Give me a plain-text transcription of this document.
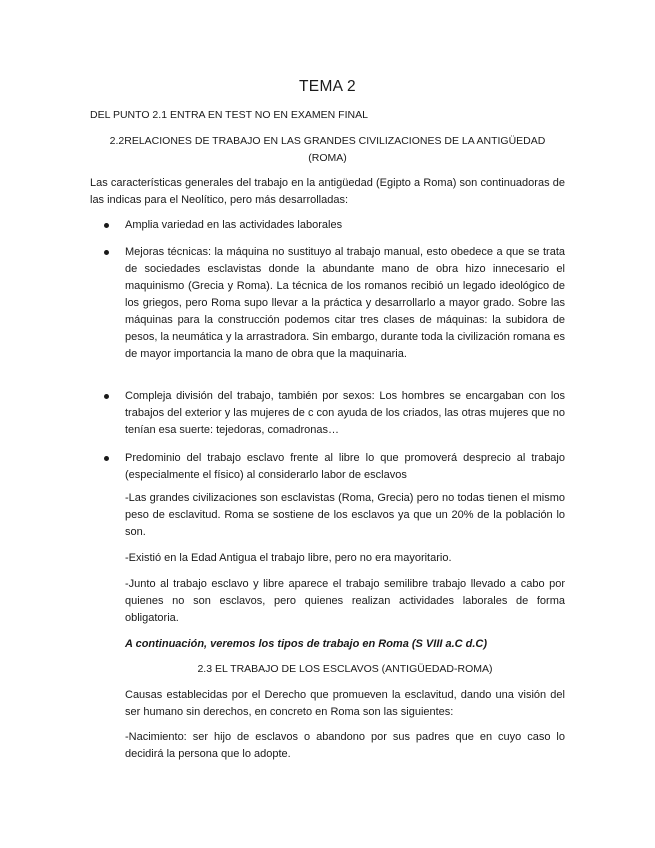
TEMA 2
DEL PUNTO 2.1 ENTRA EN TEST NO EN EXAMEN FINAL
2.2RELACIONES DE TRABAJO EN LAS GRANDES CIVILIZACIONES DE LA ANTIGÜEDAD
(ROMA)
Las características generales del trabajo en la antigüedad (Egipto a Roma) son continuadoras de las indicas para el Neolítico, pero más desarrolladas:
Amplia variedad en las actividades laborales
Mejoras técnicas: la máquina no sustituyo al trabajo manual, esto obedece a que se trata de sociedades esclavistas donde la abundante mano de obra hizo innecesario el maquinismo (Grecia y Roma). La técnica de los romanos recibió un legado ideológico de los griegos, pero Roma supo llevar a la práctica y desarrollarlo a mayor grado. Sobre las máquinas para la construcción podemos citar tres clases de máquinas: la subidora de pesos, la neumática y la arrastradora. Sin embargo, durante toda la civilización romana es de mayor importancia la mano de obra que la maquinaria.
Compleja división del trabajo, también por sexos: Los hombres se encargaban con los trabajos del exterior y las mujeres de c con ayuda de los criados, las otras mujeres que no tenían esa suerte: tejedoras, comadronas…
Predominio del trabajo esclavo frente al libre lo que promoverá desprecio al trabajo (especialmente el físico) al considerarlo labor de esclavos
-Las grandes civilizaciones son esclavistas (Roma, Grecia) pero no todas tienen el mismo peso de esclavitud. Roma se sostiene de los esclavos ya que un 20% de la población lo son.
-Existió en la Edad Antigua el trabajo libre, pero no era mayoritario.
-Junto al trabajo esclavo y libre aparece el trabajo semilibre trabajo llevado a cabo por quienes no son esclavos, pero quienes realizan actividades laborales de forma obligatoria.
A continuación, veremos los tipos de trabajo en Roma (S VIII a.C d.C)
2.3 EL TRABAJO DE LOS ESCLAVOS (ANTIGÜEDAD-ROMA)
Causas establecidas por el Derecho que promueven la esclavitud, dando una visión del ser humano sin derechos, en concreto en Roma son las siguientes:
-Nacimiento: ser hijo de esclavos o abandono por sus padres que en cuyo caso lo decidirá la persona que lo adopte.
